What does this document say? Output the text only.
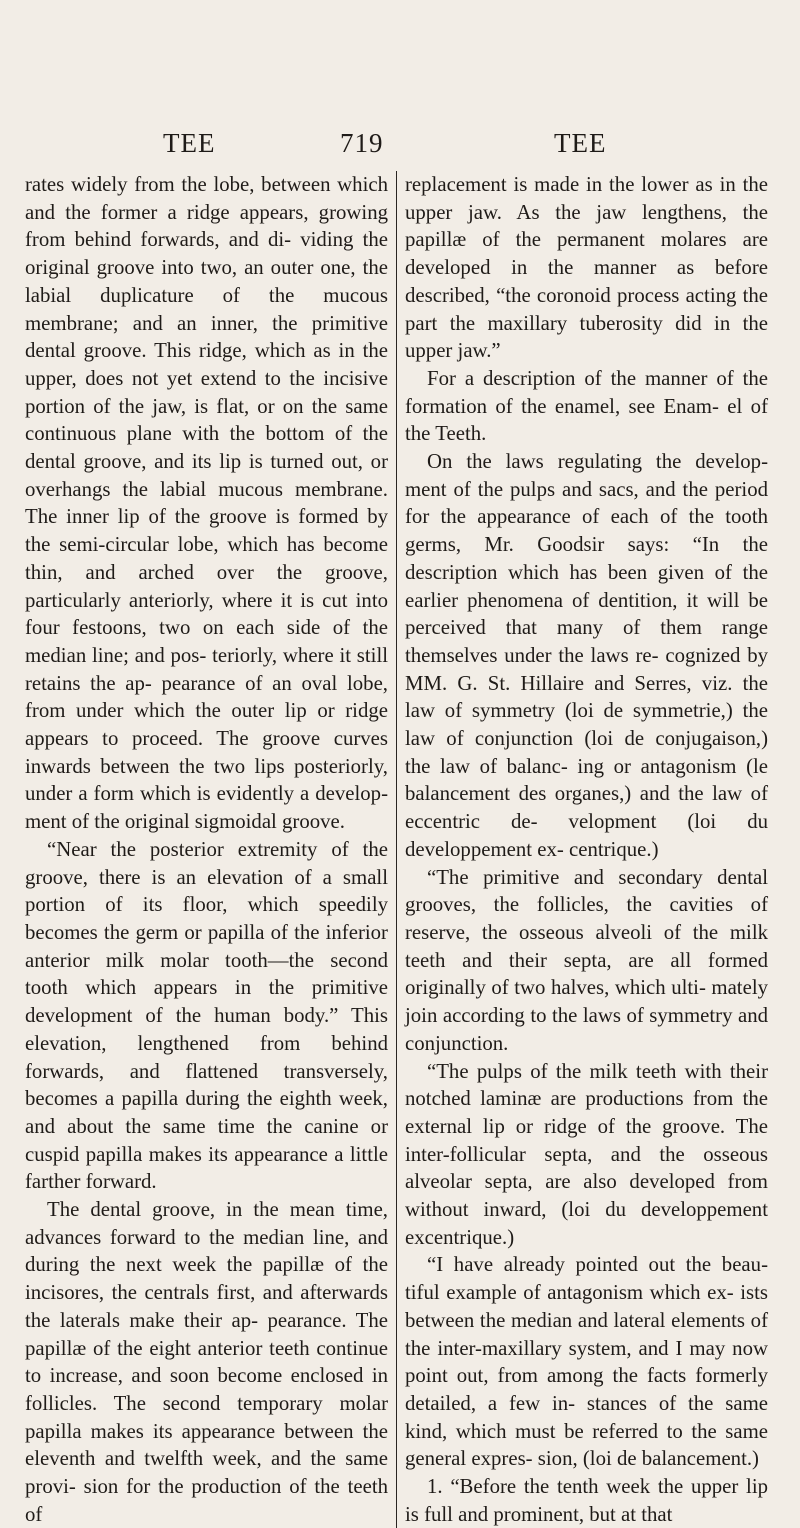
TEE	719	TEE

rates widely from the lobe, between which and the former a ridge appears, growing from behind forwards, and di- viding the original groove into two, an outer one, the labial duplicature of the mucous membrane; and an inner, the primitive dental groove. This ridge, which as in the upper, does not yet extend to the incisive portion of the jaw, is flat, or on the same continuous plane with the bottom of the dental groove, and its lip is turned out, or overhangs the labial mucous membrane. The inner lip of the groove is formed by the semi-circular lobe, which has become thin, and arched over the groove, particularly anteriorly, where it is cut into four festoons, two on each side of the median line; and pos- teriorly, where it still retains the ap- pearance of an oval lobe, from under which the outer lip or ridge appears to proceed. The groove curves inwards between the two lips posteriorly, under a form which is evidently a develop- ment of the original sigmoidal groove.

“Near the posterior extremity of the groove, there is an elevation of a small portion of its floor, which speedily becomes the germ or papilla of the inferior anterior milk molar tooth—the second tooth which appears in the primitive development of the human body.” This elevation, lengthened from behind forwards, and flattened transversely, becomes a papilla during the eighth week, and about the same time the canine or cuspid papilla makes its appearance a little farther forward.

The dental groove, in the mean time, advances forward to the median line, and during the next week the papillæ of the incisores, the centrals first, and afterwards the laterals make their ap- pearance. The papillæ of the eight anterior teeth continue to increase, and soon become enclosed in follicles. The second temporary molar papilla makes its appearance between the eleventh and twelfth week, and the same provi- sion for the production of the teeth of

replacement is made in the lower as in the upper jaw. As the jaw lengthens, the papillæ of the permanent molares are developed in the manner as before described, “the coronoid process acting the part the maxillary tuberosity did in the upper jaw.”

For a description of the manner of the formation of the enamel, see Enam- el of the Teeth.

On the laws regulating the develop- ment of the pulps and sacs, and the period for the appearance of each of the tooth germs, Mr. Goodsir says: “In the description which has been given of the earlier phenomena of dentition, it will be perceived that many of them range themselves under the laws re- cognized by MM. G. St. Hillaire and Serres, viz. the law of symmetry (loi de symmetrie,) the law of conjunction (loi de conjugaison,) the law of balanc- ing or antagonism (le balancement des organes,) and the law of eccentric de- velopment (loi du developpement ex- centrique.)

“The primitive and secondary dental grooves, the follicles, the cavities of reserve, the osseous alveoli of the milk teeth and their septa, are all formed originally of two halves, which ulti- mately join according to the laws of symmetry and conjunction.

“The pulps of the milk teeth with their notched laminæ are productions from the external lip or ridge of the groove. The inter-follicular septa, and the osseous alveolar septa, are also developed from without inward, (loi du developpement excentrique.)

“I have already pointed out the beau- tiful example of antagonism which ex- ists between the median and lateral elements of the inter-maxillary system, and I may now point out, from among the facts formerly detailed, a few in- stances of the same kind, which must be referred to the same general expres- sion, (loi de balancement.)

1. “Before the tenth week the upper lip is full and prominent, but at that
